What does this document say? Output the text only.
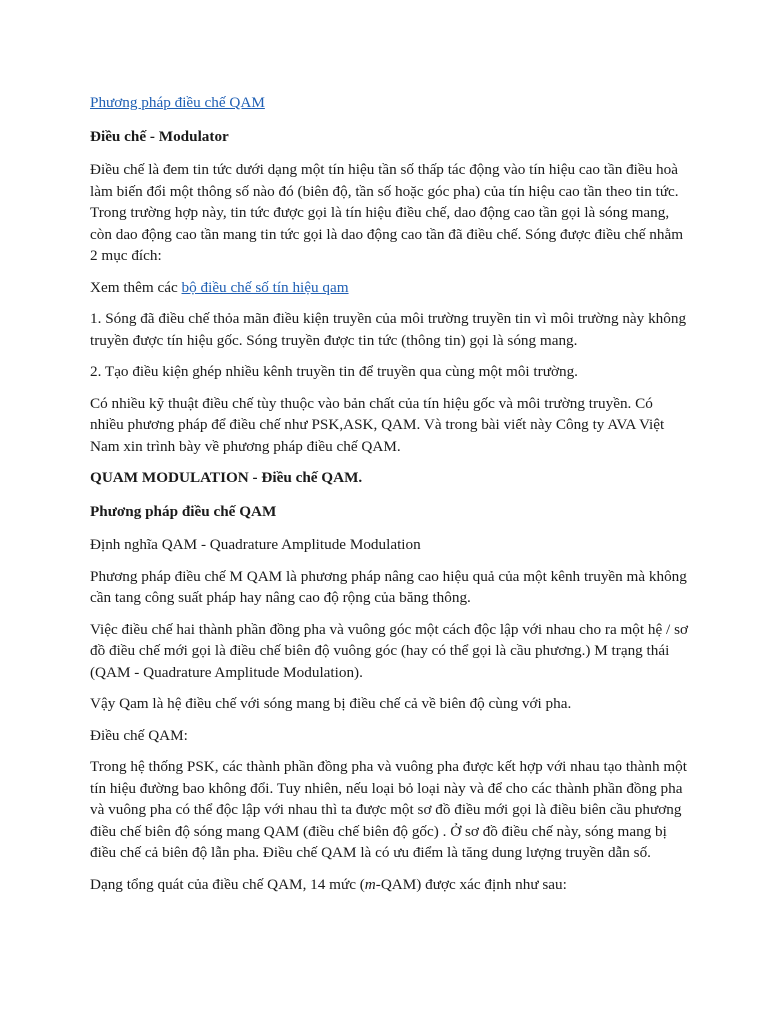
Phương pháp điều chế QAM

Điều chế - Modulator

Điều chế là đem tin tức dưới dạng một tín hiệu tần số thấp tác động vào tín hiệu cao tần điều hoà làm biến đổi một thông số nào đó (biên độ, tần số hoặc góc pha) của tín hiệu cao tần theo tin tức. Trong trường hợp này, tin tức được gọi là tín hiệu điều chế, dao động cao tần gọi là sóng mang, còn dao động cao tần mang tin tức gọi là dao động cao tần đã điều chế. Sóng được điều chế nhằm 2 mục đích:

Xem thêm các bộ điều chế số tín hiệu qam

1. Sóng đã điều chế thỏa mãn điều kiện truyền của môi trường truyền tin vì môi trường này không truyền được tín hiệu gốc. Sóng truyền được tin tức (thông tin) gọi là sóng mang.

2. Tạo điều kiện ghép nhiều kênh truyền tin để truyền qua cùng một môi trường.

Có nhiều kỹ thuật điều chế tùy thuộc vào bản chất của tín hiệu gốc và môi trường truyền. Có nhiều phương pháp để điều chế như PSK,ASK, QAM. Và trong bài viết này Công ty AVA Việt Nam xin trình bày về phương pháp điều chế QAM.

QUAM MODULATION - Điều chế QAM.

Phương pháp điều chế QAM

Định nghĩa QAM - Quadrature Amplitude Modulation

Phương pháp điều chế M QAM là phương pháp nâng cao hiệu quả của một kênh truyền mà không cần tang công suất pháp hay nâng cao độ rộng của băng thông.

Việc điều chế hai thành phần đồng pha và vuông góc một cách độc lập với nhau cho ra một hệ / sơ đồ điều chế mới gọi là điều chế biên độ vuông góc (hay có thể gọi là cầu phương.) M trạng thái (QAM - Quadrature Amplitude Modulation).

Vậy Qam là hệ điều chế với sóng mang bị điều chế cả về biên độ cùng với pha.

Điều chế QAM:

Trong hệ thống PSK, các thành phần đồng pha và vuông pha được kết hợp với nhau tạo thành một tín hiệu đường bao không đổi. Tuy nhiên, nếu loại bỏ loại này và để cho các thành phần đồng pha và vuông pha có thể độc lập với nhau thì ta được một sơ đồ điều mới gọi là điều biên cầu phương điều chế biên độ sóng mang QAM (điều chế biên độ gốc) . Ở sơ đồ điều chế này, sóng mang bị điều chế cả biên độ lẫn pha. Điều chế QAM là có ưu điểm là tăng dung lượng truyền dẫn số.

Dạng tổng quát của điều chế QAM, 14 mức (m-QAM) được xác định như sau:
